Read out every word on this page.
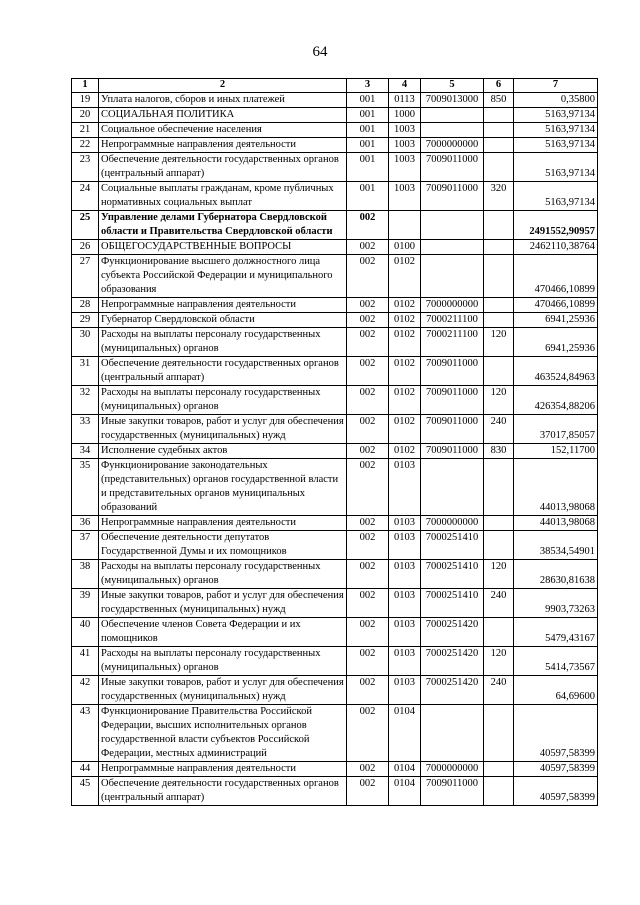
64
1	2	3	4	5	6	7
19	Уплата налогов, сборов и иных платежей	001	0113	7009013000	850	0,35800
20	СОЦИАЛЬНАЯ ПОЛИТИКА	001	1000			5163,97134
21	Социальное обеспечение населения	001	1003			5163,97134
22	Непрограммные направления деятельности	001	1003	7000000000		5163,97134
23	Обеспечение деятельности государственных органов (центральный аппарат)	001	1003	7009011000		5163,97134
24	Социальные выплаты гражданам, кроме публичных нормативных социальных выплат	001	1003	7009011000	320	5163,97134
25	Управление делами Губернатора Свердловской области и Правительства Свердловской области	002				2491552,90957
26	ОБЩЕГОСУДАРСТВЕННЫЕ ВОПРОСЫ	002	0100			2462110,38764
27	Функционирование высшего должностного лица субъекта Российской Федерации и муниципального образования	002	0102			470466,10899
28	Непрограммные направления деятельности	002	0102	7000000000		470466,10899
29	Губернатор Свердловской области	002	0102	7000211100		6941,25936
30	Расходы на выплаты персоналу государственных (муниципальных) органов	002	0102	7000211100	120	6941,25936
31	Обеспечение деятельности государственных органов (центральный аппарат)	002	0102	7009011000		463524,84963
32	Расходы на выплаты персоналу государственных (муниципальных) органов	002	0102	7009011000	120	426354,88206
33	Иные закупки товаров, работ и услуг для обеспечения государственных (муниципальных) нужд	002	0102	7009011000	240	37017,85057
34	Исполнение судебных актов	002	0102	7009011000	830	152,11700
35	Функционирование законодательных (представительных) органов государственной власти и представительных органов муниципальных образований	002	0103			44013,98068
36	Непрограммные направления деятельности	002	0103	7000000000		44013,98068
37	Обеспечение деятельности депутатов Государственной Думы и их помощников	002	0103	7000251410		38534,54901
38	Расходы на выплаты персоналу государственных (муниципальных) органов	002	0103	7000251410	120	28630,81638
39	Иные закупки товаров, работ и услуг для обеспечения государственных (муниципальных) нужд	002	0103	7000251410	240	9903,73263
40	Обеспечение членов Совета Федерации и их помощников	002	0103	7000251420		5479,43167
41	Расходы на выплаты персоналу государственных (муниципальных) органов	002	0103	7000251420	120	5414,73567
42	Иные закупки товаров, работ и услуг для обеспечения государственных (муниципальных) нужд	002	0103	7000251420	240	64,69600
43	Функционирование Правительства Российской Федерации, высших исполнительных органов государственной власти субъектов Российской Федерации, местных администраций	002	0104			40597,58399
44	Непрограммные направления деятельности	002	0104	7000000000		40597,58399
45	Обеспечение деятельности государственных органов (центральный аппарат)	002	0104	7009011000		40597,58399
